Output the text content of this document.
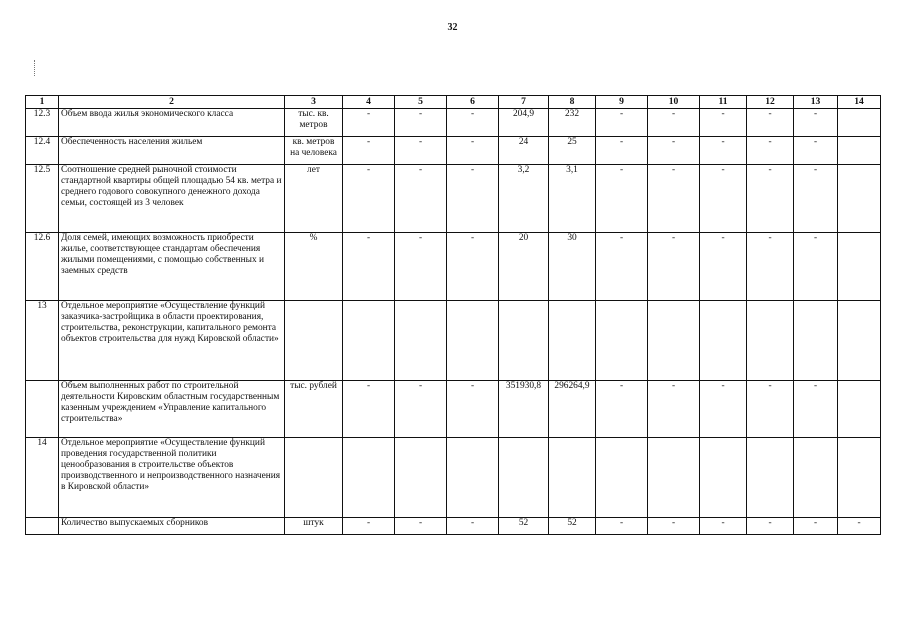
32
1	2	3	4	5	6	7	8	9	10	11	12	13	14
12.3	Объем ввода жилья экономического класса	тыс. кв. метров	-	-	-	204,9	232	-	-	-	-	-	
12.4	Обеспеченность населения жильем	кв. метров на человека	-	-	-	24	25	-	-	-	-	-	
12.5	Соотношение средней рыночной стоимости стандартной квартиры общей площадью 54 кв. метра и среднего годового совокупного денежного дохода семьи, состоящей из 3 человек	лет	-	-	-	3,2	3,1	-	-	-	-	-	
12.6	Доля семей, имеющих возможность приобрести жилье, соответствующее стандартам обеспечения жилыми помещениями, с помощью собственных и заемных средств	%	-	-	-	20	30	-	-	-	-	-	
13	Отдельное мероприятие «Осуществление функций заказчика-застройщика в области проектирования, строительства, реконструкции, капитального ремонта объектов строительства для нужд Кировской области»												
	Объем выполненных работ по строительной деятельности Кировским областным государственным казенным учреждением «Управление капитального строительства»	тыс. рублей	-	-	-	351930,8	296264,9	-	-	-	-	-	
14	Отдельное мероприятие «Осуществление функций проведения государственной политики ценообразования в строительстве объектов производственного и непроизводственного назначения в Кировской области»												
	Количество выпускаемых сборников	штук	-	-	-	52	52	-	-	-	-	-	-
